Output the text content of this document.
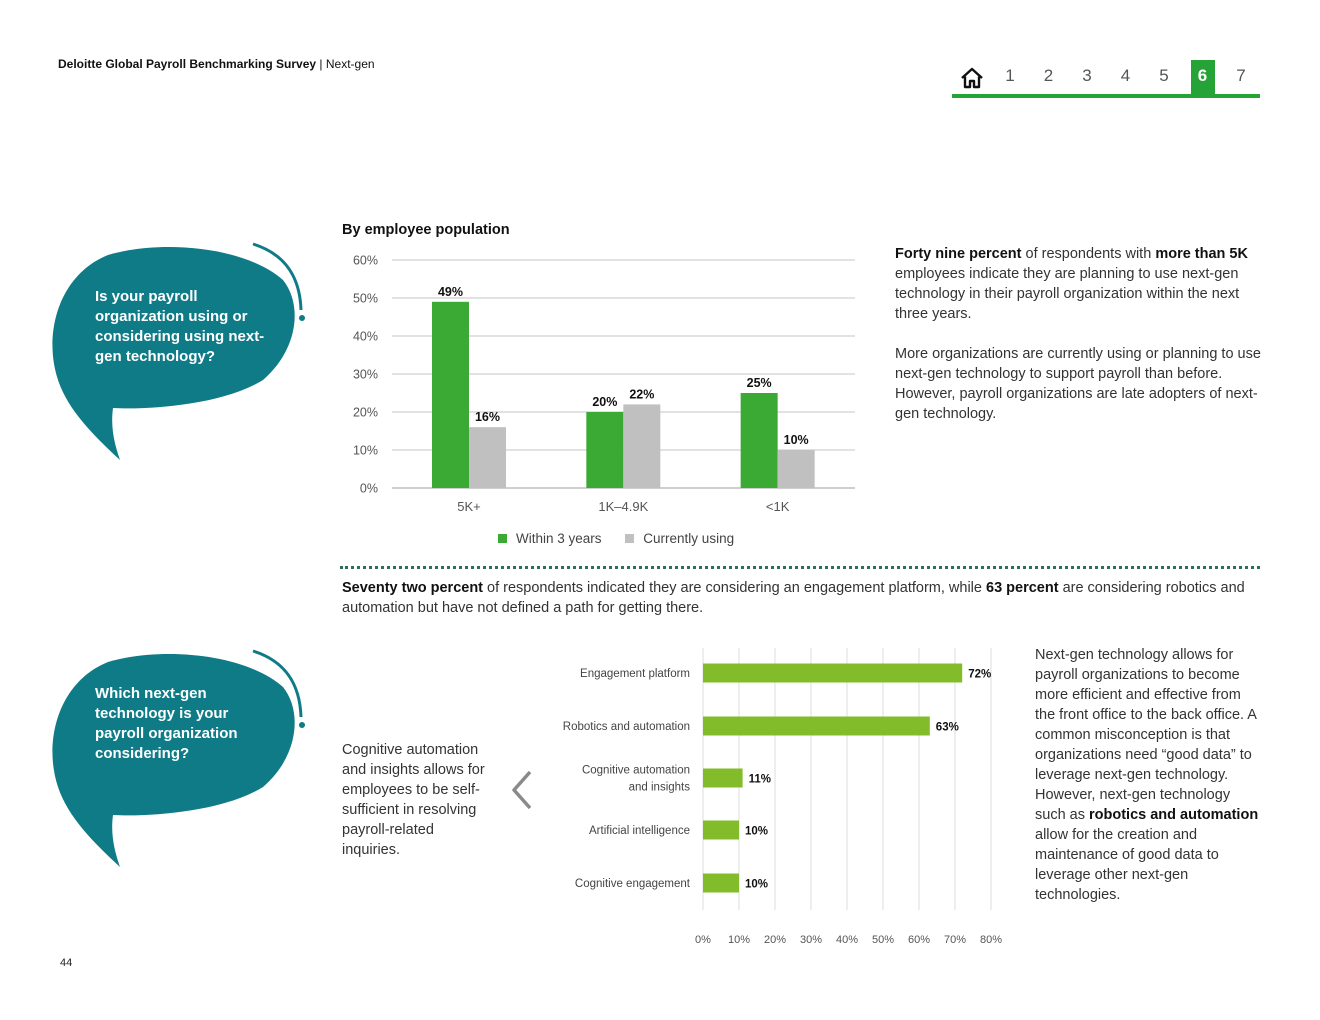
Deloitte Global Payroll Benchmarking Survey | Next-gen
1	2	3	4	5	6	7
Is your payroll organization using or considering using next-gen technology?
Which next-gen technology is your payroll organization considering?
By employee population
0%
10%
20%
30%
40%
50%
60%
49%
16%
5K+
20%
22%
1K–4.9K
25%
10%
<1K
Within 3 years	Currently using
Forty nine percent of respondents with more than 5K employees indicate they are planning to use next-gen technology in their payroll organization within the next three years.
More organizations are currently using or planning to use next-gen technology to support payroll than before. However, payroll organizations are late adopters of next-gen technology.
Seventy two percent of respondents indicated they are considering an engagement platform, while 63 percent are considering robotics and automation but have not defined a path for getting there.
Cognitive automation and insights allows for employees to be self-sufficient in resolving payroll-related inquiries.
0% 10% 20% 30% 40% 50% 60% 70% 80%
72%
Engagement platform
63%
Robotics and automation
11%
Cognitive automation
and insights
10%
Artificial intelligence
10%
Cognitive engagement
Next-gen technology allows for payroll organizations to become more efficient and effective from the front office to the back office. A common misconception is that organizations need “good data” to leverage next-gen technology. However, next-gen technology such as robotics and automation allow for the creation and maintenance of good data to leverage other next-gen technologies.
44
